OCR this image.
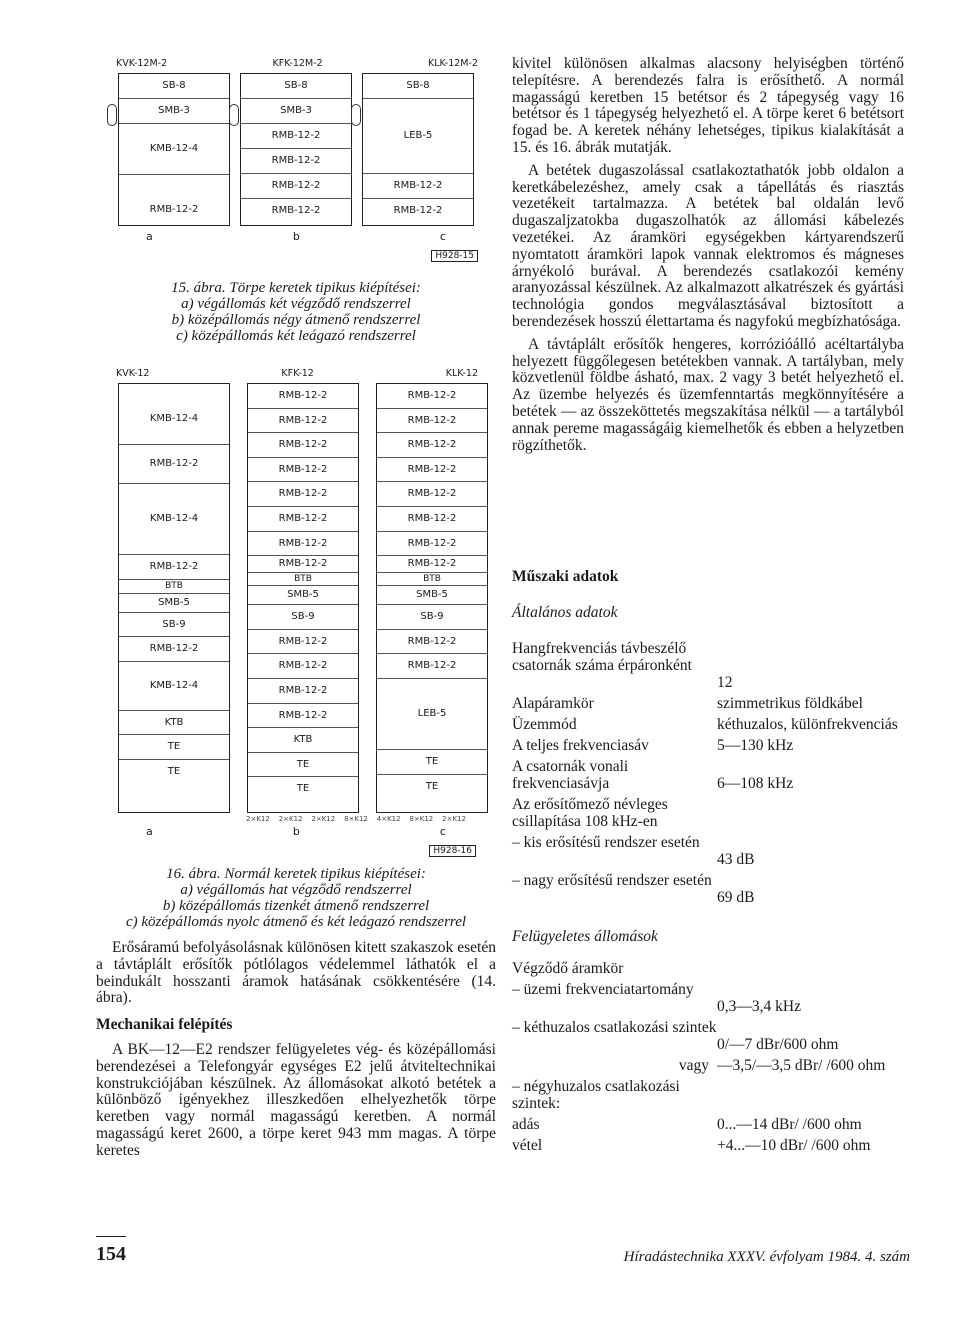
KVK-12M-2	KFK-12M-2	KLK-12M-2
SB-8
SMB-3
KMB-12-4
RMB-12-2
SB-8
SMB-3
RMB-12-2
RMB-12-2
RMB-12-2
RMB-12-2
SB-8
LEB-5
RMB-12-2
RMB-12-2
a	b	c
H928-15
15. ábra. Törpe keretek tipikus kiépítései:
a) végállomás két végződő rendszerrel
b) középállomás négy átmenő rendszerrel
c) középállomás két leágazó rendszerrel
KVK-12	KFK-12	KLK-12
KMB-12-4
RMB-12-2
KMB-12-4
RMB-12-2
BTB
SMB-5
SB-9
RMB-12-2
KMB-12-4
KTB
TE
TE
RMB-12-2
RMB-12-2
RMB-12-2
RMB-12-2
RMB-12-2
RMB-12-2
RMB-12-2
RMB-12-2
BTB
SMB-5
SB-9
RMB-12-2
RMB-12-2
RMB-12-2
RMB-12-2
KTB
TE
TE
RMB-12-2
RMB-12-2
RMB-12-2
RMB-12-2
RMB-12-2
RMB-12-2
RMB-12-2
RMB-12-2
BTB
SMB-5
SB-9
RMB-12-2
RMB-12-2
LEB-5
TE
TE
2×K12 2×K12 2×K12 8×K12 4×K12 8×K12 2×K12
a	b	c
H928-16
16. ábra. Normál keretek tipikus kiépítései:
a) végállomás hat végződő rendszerrel
b) középállomás tizenkét átmenő rendszerrel
c) középállomás nyolc átmenő és két leágazó rendszerrel

Erősáramú befolyásolásnak különösen kitett szakaszok esetén a távtáplált erősítők pótlólagos védelemmel láthatók el a beindukált hosszanti áramok hatásának csökkentésére (14. ábra).

Mechanikai felépítés

A BK—12—E2 rendszer felügyeletes vég- és középállomási berendezései a Telefongyár egységes E2 jelű átviteltechnikai konstrukciójában készülnek. Az állomásokat alkotó betétek a különböző igényekhez illeszkedően elhelyezhetők törpe keretben vagy normál magasságú keretben. A normál magasságú keret 2600, a törpe keret 943 mm magas. A törpe keretes

kivitel különösen alkalmas alacsony helyiségben történő telepítésre. A berendezés falra is erősíthető. A normál magasságú keretben 15 betétsor és 2 tápegység vagy 16 betétsor és 1 tápegység helyezhető el. A törpe keret 6 betétsort fogad be. A keretek néhány lehetséges, tipikus kialakítását a 15. és 16. ábrák mutatják.

A betétek dugaszolással csatlakoztathatók jobb oldalon a keretkábelezéshez, amely csak a tápellátás és riasztás vezetékeit tartalmazza. A betétek bal oldalán levő dugaszaljzatokba dugaszolhatók az állomási kábelezés vezetékei. Az áramköri egységekben kártyarendszerű nyomtatott áramköri lapok vannak elektromos és mágneses árnyékoló burával. A berendezés csatlakozói kemény aranyozással készülnek. Az alkalmazott alkatrészek és gyártási technológia gondos megválasztásával biztosított a berendezések hosszú élettartama és nagyfokú megbízhatósága.

A távtáplált erősítők hengeres, korrózióálló acéltartályba helyezett függőlegesen betétekben vannak. A tartályban, mely közvetlenül földbe ásható, max. 2 vagy 3 betét helyezhető el. Az üzembe helyezés és üzemfenntartás megkönnyítésére a betétek — az összeköttetés megszakítása nélkül — a tartályból annak pereme magasságáig kiemelhetők és ebben a helyzetben rögzíthetők.

Műszaki adatok
Általános adatok
Hangfrekvenciás távbeszélő csatornák száma érpáronként
12
Alapáramkör	szimmetrikus földkábel
Üzemmód	kéthuzalos, különfrekvenciás
A teljes frekvenciasáv	5—130 kHz
A csatornák vonali frekvenciasávja	6—108 kHz
Az erősítőmező névleges csillapítása 108 kHz-en
– kis erősítésű rendszer esetén
43 dB
– nagy erősítésű rendszer esetén
69 dB
Felügyeletes állomások
Végződő áramkör
– üzemi frekvenciatartomány
0,3—3,4 kHz
– kéthuzalos csatlakozási szintek
0/—7 dBr/600 ohm
vagy —3,5/—3,5 dBr/ /600 ohm
– négyhuzalos csatlakozási szintek:
adás	0...—14 dBr/ /600 ohm
vétel	+4...—10 dBr/ /600 ohm
154	Híradástechnika XXXV. évfolyam 1984. 4. szám
